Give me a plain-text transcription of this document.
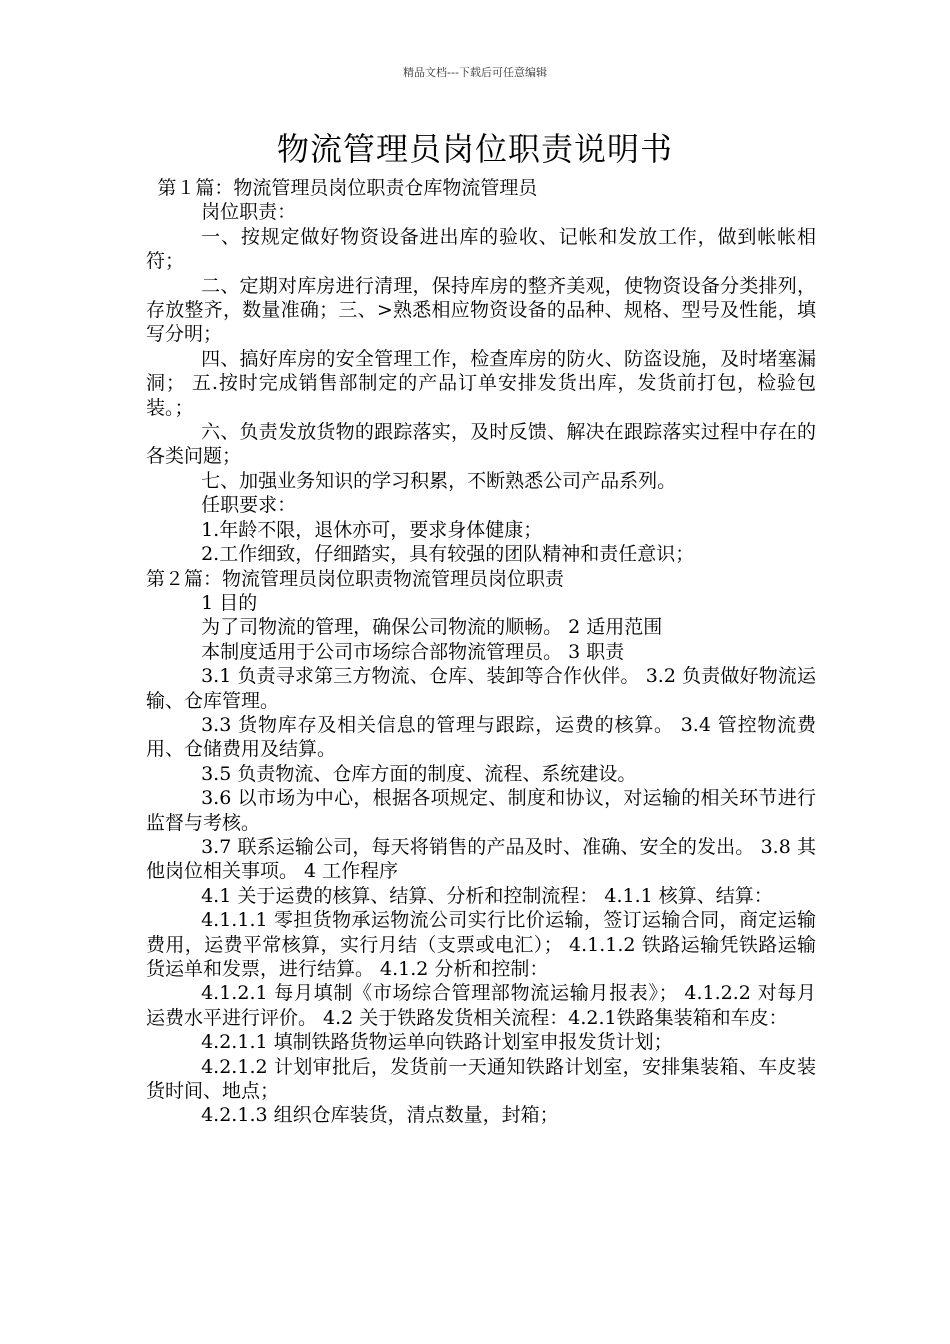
精品文档---下载后可任意编辑
物流管理员岗位职责说明书

第１篇：物流管理员岗位职责仓库物流管理员

岗位职责：

一、按规定做好物资设备进出库的验收、记帐和发放工作，做到帐帐相符；

二、定期对库房进行清理，保持库房的整齐美观，使物资设备分类排列，存放整齐，数量准确；三、>熟悉相应物资设备的品种、规格、型号及性能，填写分明；

四、搞好库房的安全管理工作，检查库房的防火、防盗设施，及时堵塞漏洞； 五.按时完成销售部制定的产品订单安排发货出库，发货前打包，检验包装。；

六、负责发放货物的跟踪落实，及时反馈、解决在跟踪落实过程中存在的各类问题；

七、加强业务知识的学习积累，不断熟悉公司产品系列。

任职要求：

1.年龄不限，退休亦可，要求身体健康；

2.工作细致，仔细踏实，具有较强的团队精神和责任意识；

第２篇：物流管理员岗位职责物流管理员岗位职责

1 目的

为了司物流的管理，确保公司物流的顺畅。 2 适用范围

本制度适用于公司市场综合部物流管理员。 3 职责

3.1 负责寻求第三方物流、仓库、装卸等合作伙伴。 3.2 负责做好物流运输、仓库管理。

3.3 货物库存及相关信息的管理与跟踪，运费的核算。 3.4 管控物流费用、仓储费用及结算。

3.5 负责物流、仓库方面的制度、流程、系统建设。

3.6 以市场为中心，根据各项规定、制度和协议，对运输的相关环节进行监督与考核。

3.7 联系运输公司，每天将销售的产品及时、准确、安全的发出。 3.8 其他岗位相关事项。 4 工作程序

4.1 关于运费的核算、结算、分析和控制流程： 4.1.1 核算、结算：

4.1.1.1 零担货物承运物流公司实行比价运输，签订运输合同，商定运输费用，运费平常核算，实行月结（支票或电汇）； 4.1.1.2 铁路运输凭铁路运输货运单和发票，进行结算。 4.1.2 分析和控制：

4.1.2.1 每月填制《市场综合管理部物流运输月报表》； 4.1.2.2 对每月运费水平进行评价。 4.2 关于铁路发货相关流程：4.2.1铁路集装箱和车皮：

4.2.1.1 填制铁路货物运单向铁路计划室申报发货计划；

4.2.1.2 计划审批后，发货前一天通知铁路计划室，安排集装箱、车皮装货时间、地点；

4.2.1.3 组织仓库装货，清点数量，封箱；
